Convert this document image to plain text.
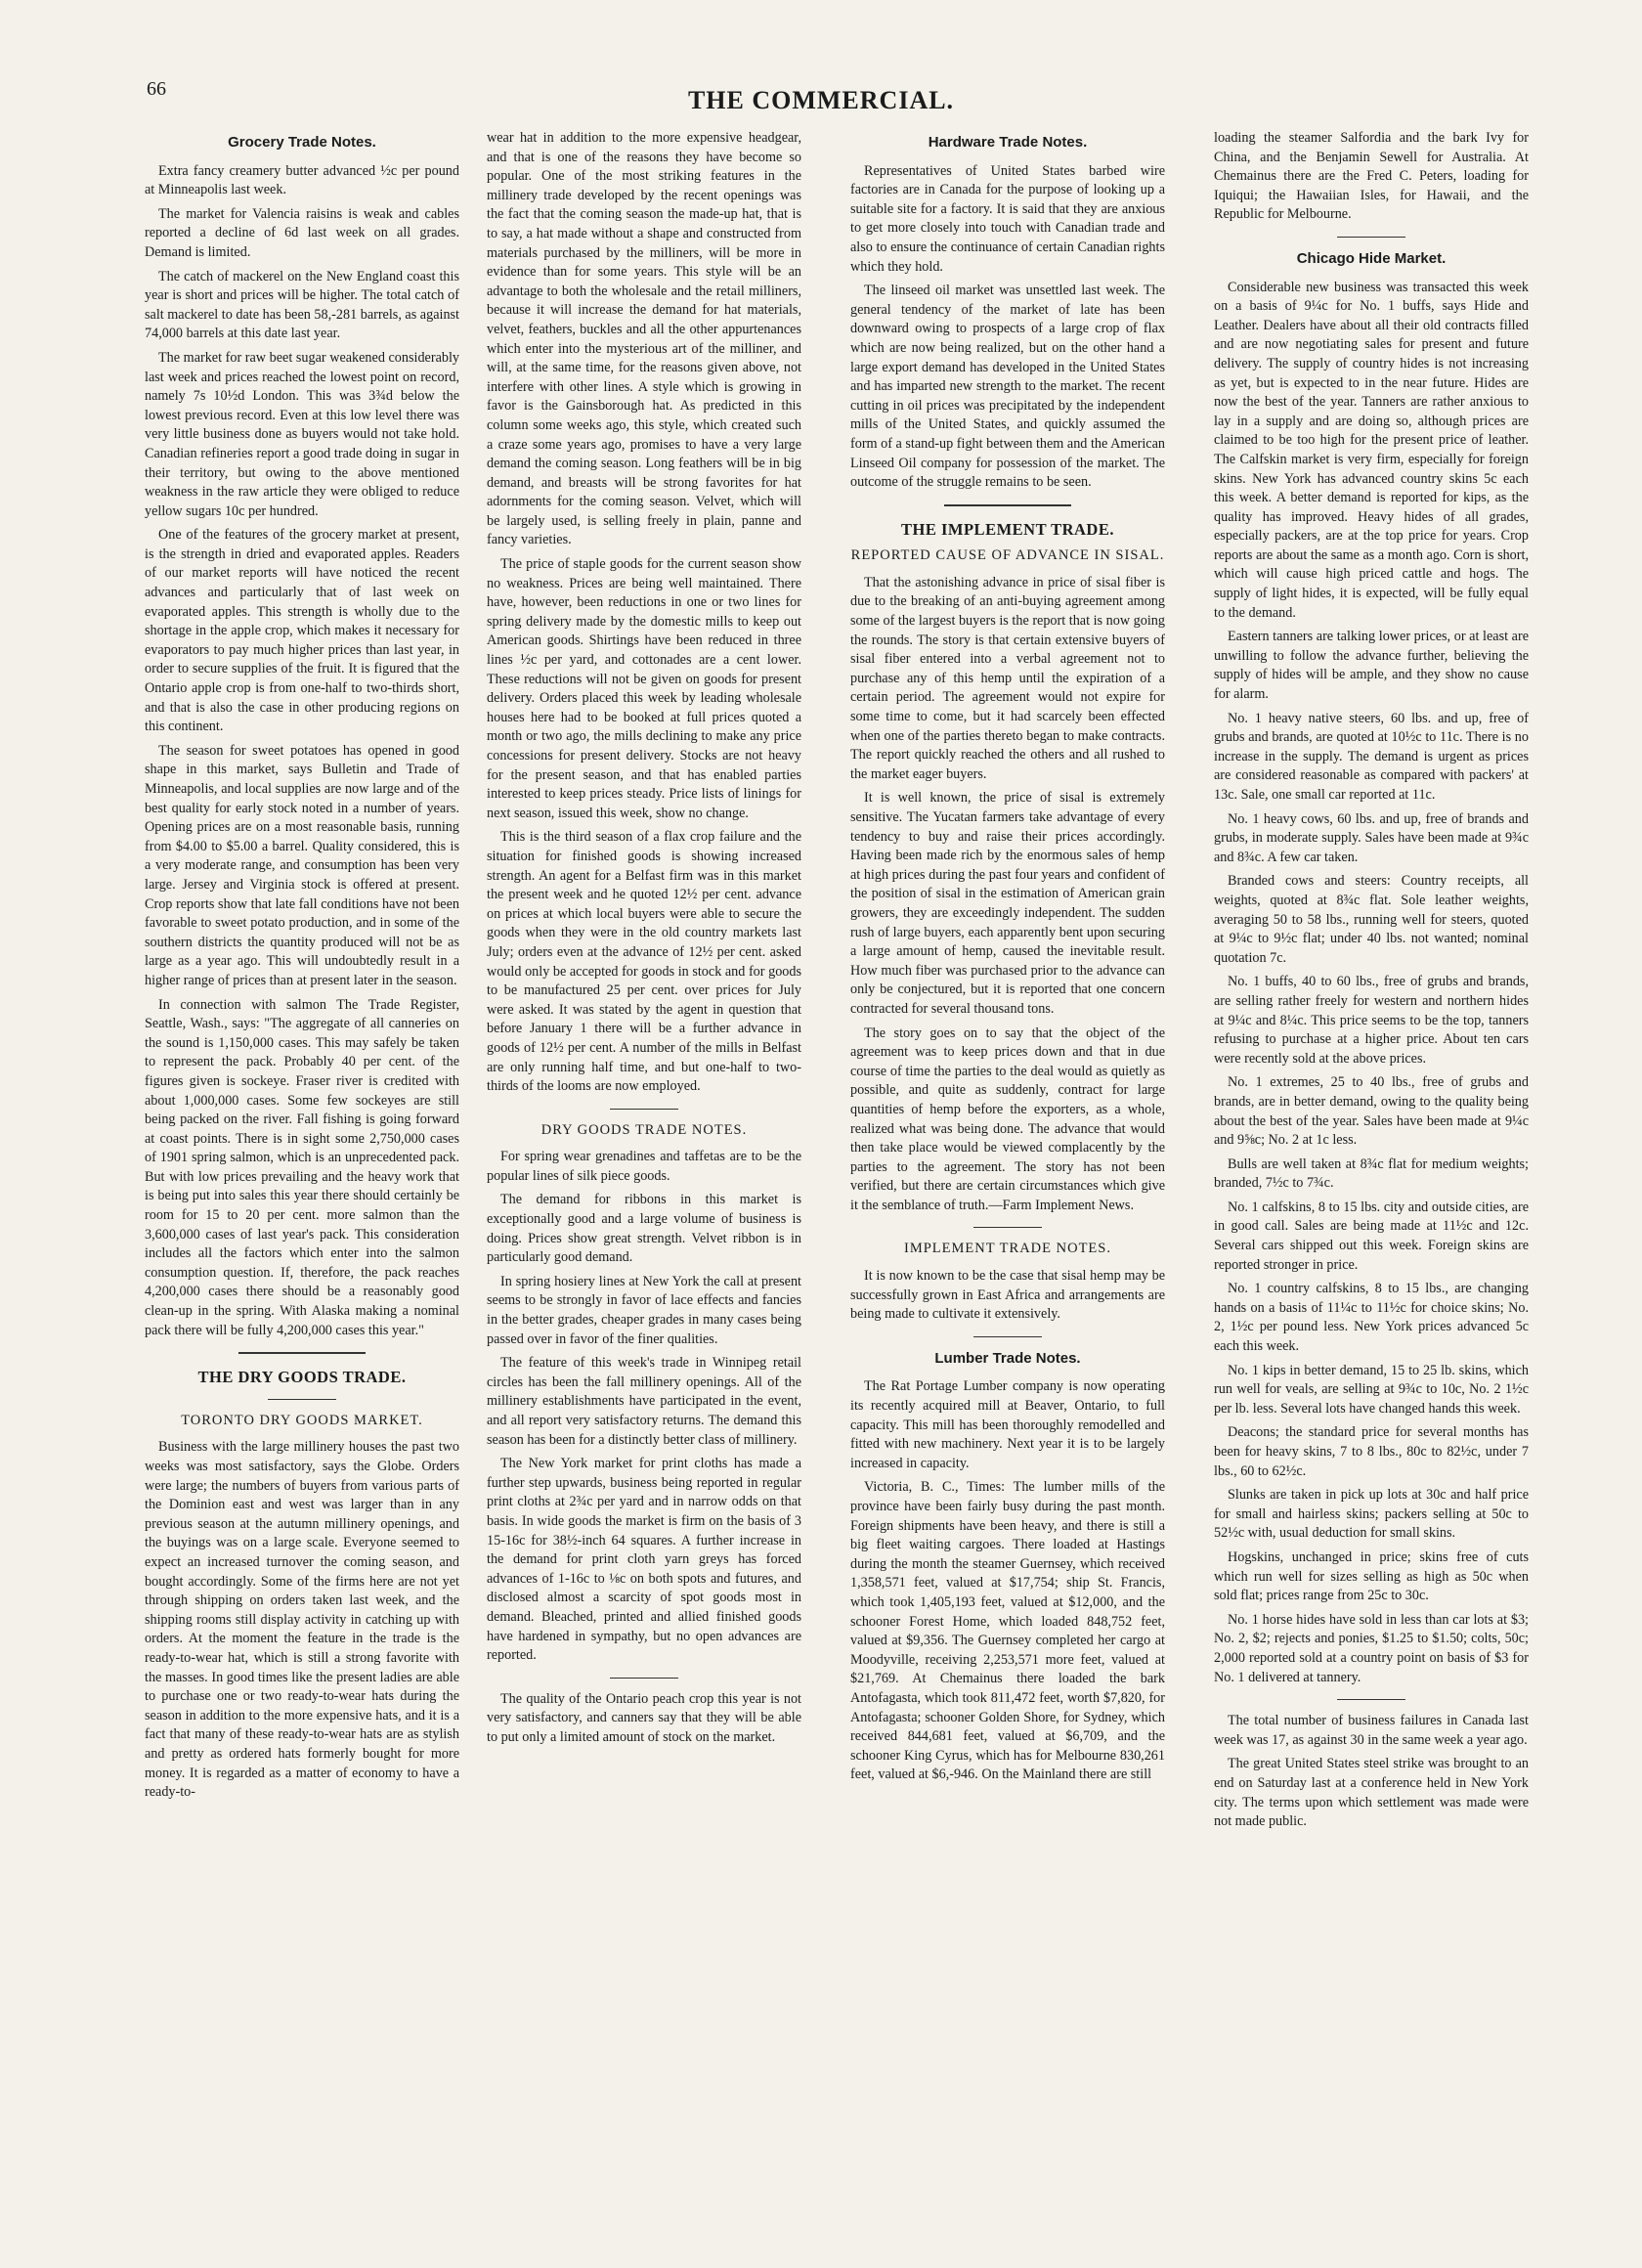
66	THE COMMERCIAL.
Grocery Trade Notes.

Extra fancy creamery butter advanced ½c per pound at Minneapolis last week.

The market for Valencia raisins is weak and cables reported a decline of 6d last week on all grades. Demand is limited.

The catch of mackerel on the New England coast this year is short and prices will be higher. The total catch of salt mackerel to date has been 58,-281 barrels, as against 74,000 barrels at this date last year.

The market for raw beet sugar weakened considerably last week and prices reached the lowest point on record, namely 7s 10½d London. This was 3¾d below the lowest previous record. Even at this low level there was very little business done as buyers would not take hold. Canadian refineries report a good trade doing in sugar in their territory, but owing to the above mentioned weakness in the raw article they were obliged to reduce yellow sugars 10c per hundred.

One of the features of the grocery market at present, is the strength in dried and evaporated apples. Readers of our market reports will have noticed the recent advances and particularly that of last week on evaporated apples. This strength is wholly due to the shortage in the apple crop, which makes it necessary for evaporators to pay much higher prices than last year, in order to secure supplies of the fruit. It is figured that the Ontario apple crop is from one-half to two-thirds short, and that is also the case in other producing regions on this continent.

The season for sweet potatoes has opened in good shape in this market, says Bulletin and Trade of Minneapolis, and local supplies are now large and of the best quality for early stock noted in a number of years. Opening prices are on a most reasonable basis, running from $4.00 to $5.00 a barrel. Quality considered, this is a very moderate range, and consumption has been very large. Jersey and Virginia stock is offered at present. Crop reports show that late fall conditions have not been favorable to sweet potato production, and in some of the southern districts the quantity produced will not be as large as a year ago. This will undoubtedly result in a higher range of prices than at present later in the season.

In connection with salmon The Trade Register, Seattle, Wash., says: "The aggregate of all canneries on the sound is 1,150,000 cases. This may safely be taken to represent the pack. Probably 40 per cent. of the figures given is sockeye. Fraser river is credited with about 1,000,000 cases. Some few sockeyes are still being packed on the river. Fall fishing is going forward at coast points. There is in sight some 2,750,000 cases of 1901 spring salmon, which is an unprecedented pack. But with low prices prevailing and the heavy work that is being put into sales this year there should certainly be room for 15 to 20 per cent. more salmon than the 3,600,000 cases of last year's pack. This consideration includes all the factors which enter into the salmon consumption question. If, therefore, the pack reaches 4,200,000 cases there should be a reasonably good clean-up in the spring. With Alaska making a nominal pack there will be fully 4,200,000 cases this year."

THE DRY GOODS TRADE.
TORONTO DRY GOODS MARKET.

Business with the large millinery houses the past two weeks was most satisfactory, says the Globe. Orders were large; the numbers of buyers from various parts of the Dominion east and west was larger than in any previous season at the autumn millinery openings, and the buyings was on a large scale. Everyone seemed to expect an increased turnover the coming season, and bought accordingly. Some of the firms here are not yet through shipping on orders taken last week, and the shipping rooms still display activity in catching up with orders. At the moment the feature in the trade is the ready-to-wear hat, which is still a strong favorite with the masses. In good times like the present ladies are able to purchase one or two ready-to-wear hats during the season in addition to the more expensive hats, and it is a fact that many of these ready-to-wear hats are as stylish and pretty as ordered hats formerly bought for more money. It is regarded as a matter of economy to have a ready-to-

wear hat in addition to the more expensive headgear, and that is one of the reasons they have become so popular. One of the most striking features in the millinery trade developed by the recent openings was the fact that the coming season the made-up hat, that is to say, a hat made without a shape and constructed from materials purchased by the milliners, will be more in evidence than for some years. This style will be an advantage to both the wholesale and the retail milliners, because it will increase the demand for hat materials, velvet, feathers, buckles and all the other appurtenances which enter into the mysterious art of the milliner, and will, at the same time, for the reasons given above, not interfere with other lines. A style which is growing in favor is the Gainsborough hat. As predicted in this column some weeks ago, this style, which created such a craze some years ago, promises to have a very large demand the coming season. Long feathers will be in big demand, and breasts will be strong favorites for hat adornments for the coming season. Velvet, which will be largely used, is selling freely in plain, panne and fancy varieties.

The price of staple goods for the current season show no weakness. Prices are being well maintained. There have, however, been reductions in one or two lines for spring delivery made by the domestic mills to keep out American goods. Shirtings have been reduced in three lines ½c per yard, and cottonades are a cent lower. These reductions will not be given on goods for present delivery. Orders placed this week by leading wholesale houses here had to be booked at full prices quoted a month or two ago, the mills declining to make any price concessions for present delivery. Stocks are not heavy for the present season, and that has enabled parties interested to keep prices steady. Price lists of linings for next season, issued this week, show no change.

This is the third season of a flax crop failure and the situation for finished goods is showing increased strength. An agent for a Belfast firm was in this market the present week and he quoted 12½ per cent. advance on prices at which local buyers were able to secure the goods when they were in the old country markets last July; orders even at the advance of 12½ per cent. asked would only be accepted for goods in stock and for goods to be manufactured 25 per cent. over prices for July were asked. It was stated by the agent in question that before January 1 there will be a further advance in goods of 12½ per cent. A number of the mills in Belfast are only running half time, and but one-half to two-thirds of the looms are now employed.

DRY GOODS TRADE NOTES.

For spring wear grenadines and taffetas are to be the popular lines of silk piece goods.

The demand for ribbons in this market is exceptionally good and a large volume of business is doing. Prices show great strength. Velvet ribbon is in particularly good demand.

In spring hosiery lines at New York the call at present seems to be strongly in favor of lace effects and fancies in the better grades, cheaper grades in many cases being passed over in favor of the finer qualities.

The feature of this week's trade in Winnipeg retail circles has been the fall millinery openings. All of the millinery establishments have participated in the event, and all report very satisfactory returns. The demand this season has been for a distinctly better class of millinery.

The New York market for print cloths has made a further step upwards, business being reported in regular print cloths at 2¾c per yard and in narrow odds on that basis. In wide goods the market is firm on the basis of 3 15-16c for 38½-inch 64 squares. A further increase in the demand for print cloth yarn greys has forced advances of 1-16c to ⅛c on both spots and futures, and disclosed almost a scarcity of spot goods most in demand. Bleached, printed and allied finished goods have hardened in sympathy, but no open advances are reported.

The quality of the Ontario peach crop this year is not very satisfactory, and canners say that they will be able to put only a limited amount of stock on the market.

Hardware Trade Notes.

Representatives of United States barbed wire factories are in Canada for the purpose of looking up a suitable site for a factory. It is said that they are anxious to get more closely into touch with Canadian trade and also to ensure the continuance of certain Canadian rights which they hold.

The linseed oil market was unsettled last week. The general tendency of the market of late has been downward owing to prospects of a large crop of flax which are now being realized, but on the other hand a large export demand has developed in the United States and has imparted new strength to the market. The recent cutting in oil prices was precipitated by the independent mills of the United States, and quickly assumed the form of a stand-up fight between them and the American Linseed Oil company for possession of the market. The outcome of the struggle remains to be seen.

THE IMPLEMENT TRADE.
REPORTED CAUSE OF ADVANCE IN SISAL.

That the astonishing advance in price of sisal fiber is due to the breaking of an anti-buying agreement among some of the largest buyers is the report that is now going the rounds. The story is that certain extensive buyers of sisal fiber entered into a verbal agreement not to purchase any of this hemp until the expiration of a certain period. The agreement would not expire for some time to come, but it had scarcely been effected when one of the parties thereto began to make contracts. The report quickly reached the others and all rushed to the market eager buyers.

It is well known, the price of sisal is extremely sensitive. The Yucatan farmers take advantage of every tendency to buy and raise their prices accordingly. Having been made rich by the enormous sales of hemp at high prices during the past four years and confident of the position of sisal in the estimation of American grain growers, they are exceedingly independent. The sudden rush of large buyers, each apparently bent upon securing a large amount of hemp, caused the inevitable result. How much fiber was purchased prior to the advance can only be conjectured, but it is reported that one concern contracted for several thousand tons.

The story goes on to say that the object of the agreement was to keep prices down and that in due course of time the parties to the deal would as quietly as possible, and quite as suddenly, contract for large quantities of hemp before the exporters, as a whole, realized what was being done. The advance that would then take place would be viewed complacently by the parties to the agreement. The story has not been verified, but there are certain circumstances which give it the semblance of truth.—Farm Implement News.

IMPLEMENT TRADE NOTES.

It is now known to be the case that sisal hemp may be successfully grown in East Africa and arrangements are being made to cultivate it extensively.

Lumber Trade Notes.

The Rat Portage Lumber company is now operating its recently acquired mill at Beaver, Ontario, to full capacity. This mill has been thoroughly remodelled and fitted with new machinery. Next year it is to be largely increased in capacity.

Victoria, B. C., Times: The lumber mills of the province have been fairly busy during the past month. Foreign shipments have been heavy, and there is still a big fleet waiting cargoes. There loaded at Hastings during the month the steamer Guernsey, which received 1,358,571 feet, valued at $17,754; ship St. Francis, which took 1,405,193 feet, valued at $12,000, and the schooner Forest Home, which loaded 848,752 feet, valued at $9,356. The Guernsey completed her cargo at Moodyville, receiving 2,253,571 more feet, valued at $21,769. At Chemainus there loaded the bark Antofagasta, which took 811,472 feet, worth $7,820, for Antofagasta; schooner Golden Shore, for Sydney, which received 844,681 feet, valued at $6,709, and the schooner King Cyrus, which has for Melbourne 830,261 feet, valued at $6,-946. On the Mainland there are still

loading the steamer Salfordia and the bark Ivy for China, and the Benjamin Sewell for Australia. At Chemainus there are the Fred C. Peters, loading for Iquiqui; the Hawaiian Isles, for Hawaii, and the Republic for Melbourne.

Chicago Hide Market.

Considerable new business was transacted this week on a basis of 9¼c for No. 1 buffs, says Hide and Leather. Dealers have about all their old contracts filled and are now negotiating sales for present and future delivery. The supply of country hides is not increasing as yet, but is expected to in the near future. Hides are now the best of the year. Tanners are rather anxious to lay in a supply and are doing so, although prices are claimed to be too high for the present price of leather. The Calfskin market is very firm, especially for foreign skins. New York has advanced country skins 5c each this week. A better demand is reported for kips, as the quality has improved. Heavy hides of all grades, especially packers, are at the top price for years. Crop reports are about the same as a month ago. Corn is short, which will cause high priced cattle and hogs. The supply of light hides, it is expected, will be fully equal to the demand.

Eastern tanners are talking lower prices, or at least are unwilling to follow the advance further, believing the supply of hides will be ample, and they show no cause for alarm.

No. 1 heavy native steers, 60 lbs. and up, free of grubs and brands, are quoted at 10½c to 11c. There is no increase in the supply. The demand is urgent as prices are considered reasonable as compared with packers' at 13c. Sale, one small car reported at 11c.

No. 1 heavy cows, 60 lbs. and up, free of brands and grubs, in moderate supply. Sales have been made at 9¾c and 8¾c. A few car taken.

Branded cows and steers: Country receipts, all weights, quoted at 8¾c flat. Sole leather weights, averaging 50 to 58 lbs., running well for steers, quoted at 9¼c to 9½c flat; under 40 lbs. not wanted; nominal quotation 7c.

No. 1 buffs, 40 to 60 lbs., free of grubs and brands, are selling rather freely for western and northern hides at 9¼c and 8¼c. This price seems to be the top, tanners refusing to purchase at a higher price. About ten cars were recently sold at the above prices.

No. 1 extremes, 25 to 40 lbs., free of grubs and brands, are in better demand, owing to the quality being about the best of the year. Sales have been made at 9¼c and 9⅝c; No. 2 at 1c less.

Bulls are well taken at 8¾c flat for medium weights; branded, 7½c to 7¾c.

No. 1 calfskins, 8 to 15 lbs. city and outside cities, are in good call. Sales are being made at 11½c and 12c. Several cars shipped out this week. Foreign skins are reported stronger in price.

No. 1 country calfskins, 8 to 15 lbs., are changing hands on a basis of 11¼c to 11½c for choice skins; No. 2, 1½c per pound less. New York prices advanced 5c each this week.

No. 1 kips in better demand, 15 to 25 lb. skins, which run well for veals, are selling at 9¾c to 10c, No. 2 1½c per lb. less. Several lots have changed hands this week.

Deacons; the standard price for several months has been for heavy skins, 7 to 8 lbs., 80c to 82½c, under 7 lbs., 60 to 62½c.

Slunks are taken in pick up lots at 30c and half price for small and hairless skins; packers selling at 50c to 52½c with, usual deduction for small skins.

Hogskins, unchanged in price; skins free of cuts which run well for sizes selling as high as 50c when sold flat; prices range from 25c to 30c.

No. 1 horse hides have sold in less than car lots at $3; No. 2, $2; rejects and ponies, $1.25 to $1.50; colts, 50c; 2,000 reported sold at a country point on basis of $3 for No. 1 delivered at tannery.

The total number of business failures in Canada last week was 17, as against 30 in the same week a year ago.

The great United States steel strike was brought to an end on Saturday last at a conference held in New York city. The terms upon which settlement was made were not made public.
